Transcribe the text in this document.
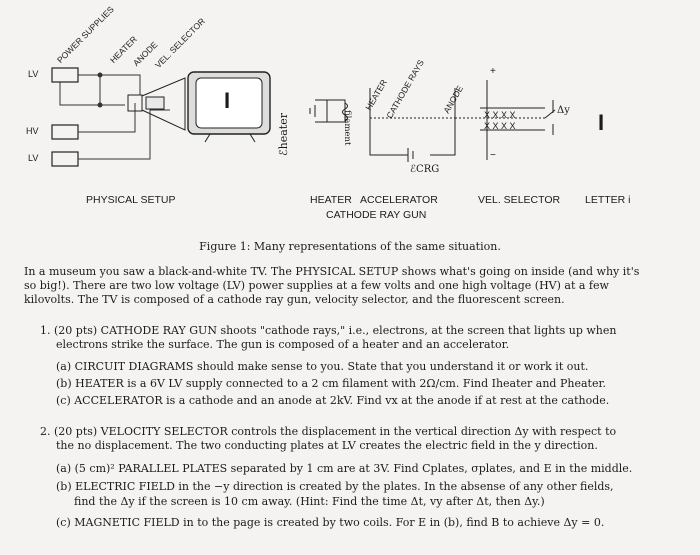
POWER SUPPLIES
HEATER
ANODE
VEL. SELECTOR
HEATER
CATHODE RAYS ANODE
filament
ℰheater
LV
HV
LV
I
I
ℰCRG
Δy
X X X X
X X X X
+
−
PHYSICAL SETUP	HEATER   ACCELERATOR
CATHODE RAY GUN
VEL. SELECTOR LETTER i
Figure 1: Many representations of the same situation.
In a museum you saw a black-and-white TV. The PHYSICAL SETUP shows what's going on inside (and why it's so big!). There are two low voltage (LV) power supplies at a few volts and one high voltage (HV) at a few kilovolts. The TV is composed of a cathode ray gun, velocity selector, and the fluorescent screen.
1. (20 pts) CATHODE RAY GUN shoots "cathode rays," i.e., electrons, at the screen that lights up when
electrons strike the surface. The gun is composed of a heater and an accelerator.
(a) CIRCUIT DIAGRAMS should make sense to you. State that you understand it or work it out.
(b) HEATER is a 6V LV supply connected to a 2 cm filament with 2Ω/cm. Find Iheater and Pheater.
(c) ACCELERATOR is a cathode and an anode at 2kV. Find vx at the anode if at rest at the cathode.
2. (20 pts) VELOCITY SELECTOR controls the displacement in the vertical direction Δy with respect to
the no displacement. The two conducting plates at LV creates the electric field in the y direction.
(a) (5 cm)² PARALLEL PLATES separated by 1 cm are at 3V. Find Cplates, σplates, and E in the middle.
(b) ELECTRIC FIELD in the −y direction is created by the plates. In the absense of any other fields,
find the Δy if the screen is 10 cm away. (Hint: Find the time Δt, vy after Δt, then Δy.)
(c) MAGNETIC FIELD in to the page is created by two coils. For E in (b), find B to achieve Δy = 0.
